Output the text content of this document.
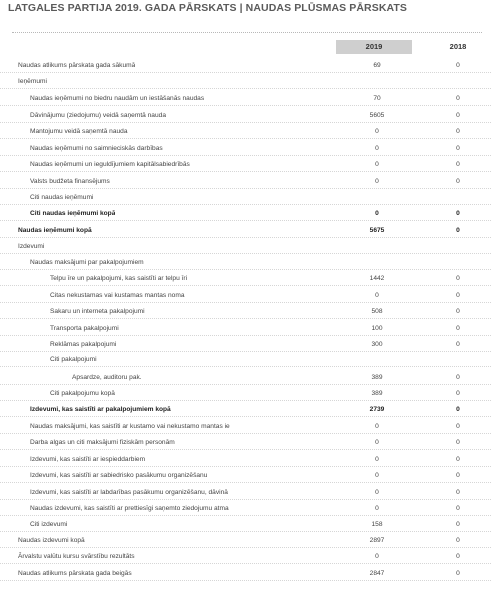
LATGALES PARTIJA 2019. GADA PĀRSKATS | NAUDAS PLŪSMAS PĀRSKATS
2019	2018
Naudas atlikums pārskata gada sākumā	69	0
Ieņēmumi
Naudas ieņēmumi no biedru naudām un iestāšanās naudas	70	0
Dāvinājumu (ziedojumu) veidā saņemtā nauda	5605	0
Mantojumu veidā saņemtā nauda	0	0
Naudas ieņēmumi no saimnieciskās darbības	0	0
Naudas ieņēmumi un ieguldījumiem kapitālsabiedrībās	0	0
Valsts budžeta finansējums	0	0
Citi naudas ieņēmumi
Citi naudas ieņēmumi kopā	0	0
Naudas ieņēmumi kopā	5675	0
Izdevumi
Naudas maksājumi par pakalpojumiem
Telpu īre un pakalpojumi, kas saistīti ar telpu īri	1442	0
Citas nekustamas vai kustamas mantas noma	0	0
Sakaru un interneta pakalpojumi	508	0
Transporta pakalpojumi	100	0
Reklāmas pakalpojumi	300	0
Citi pakalpojumi
Apsardze, auditoru pak.	389	0
Citi pakalpojumu kopā	389	0
Izdevumi, kas saistīti ar pakalpojumiem kopā	2739	0
Naudas maksājumi, kas saistīti ar kustamo vai nekustamo mantas ie	0	0
Darba algas un citi maksājumi fiziskām personām	0	0
Izdevumi, kas saistīti ar iespieddarbiem	0	0
Izdevumi, kas saistīti ar sabiedrisko pasākumu organizēšanu	0	0
Izdevumi, kas saistīti ar labdarības pasākumu organizēšanu, dāvinā	0	0
Naudas izdevumi, kas saistīti ar prettiesīgi saņemto ziedojumu atma	0	0
Citi izdevumi	158	0
Naudas izdevumi kopā	2897	0
Ārvalstu valūtu kursu svārstību rezultāts	0	0
Naudas atlikums pārskata gada beigās	2847	0
